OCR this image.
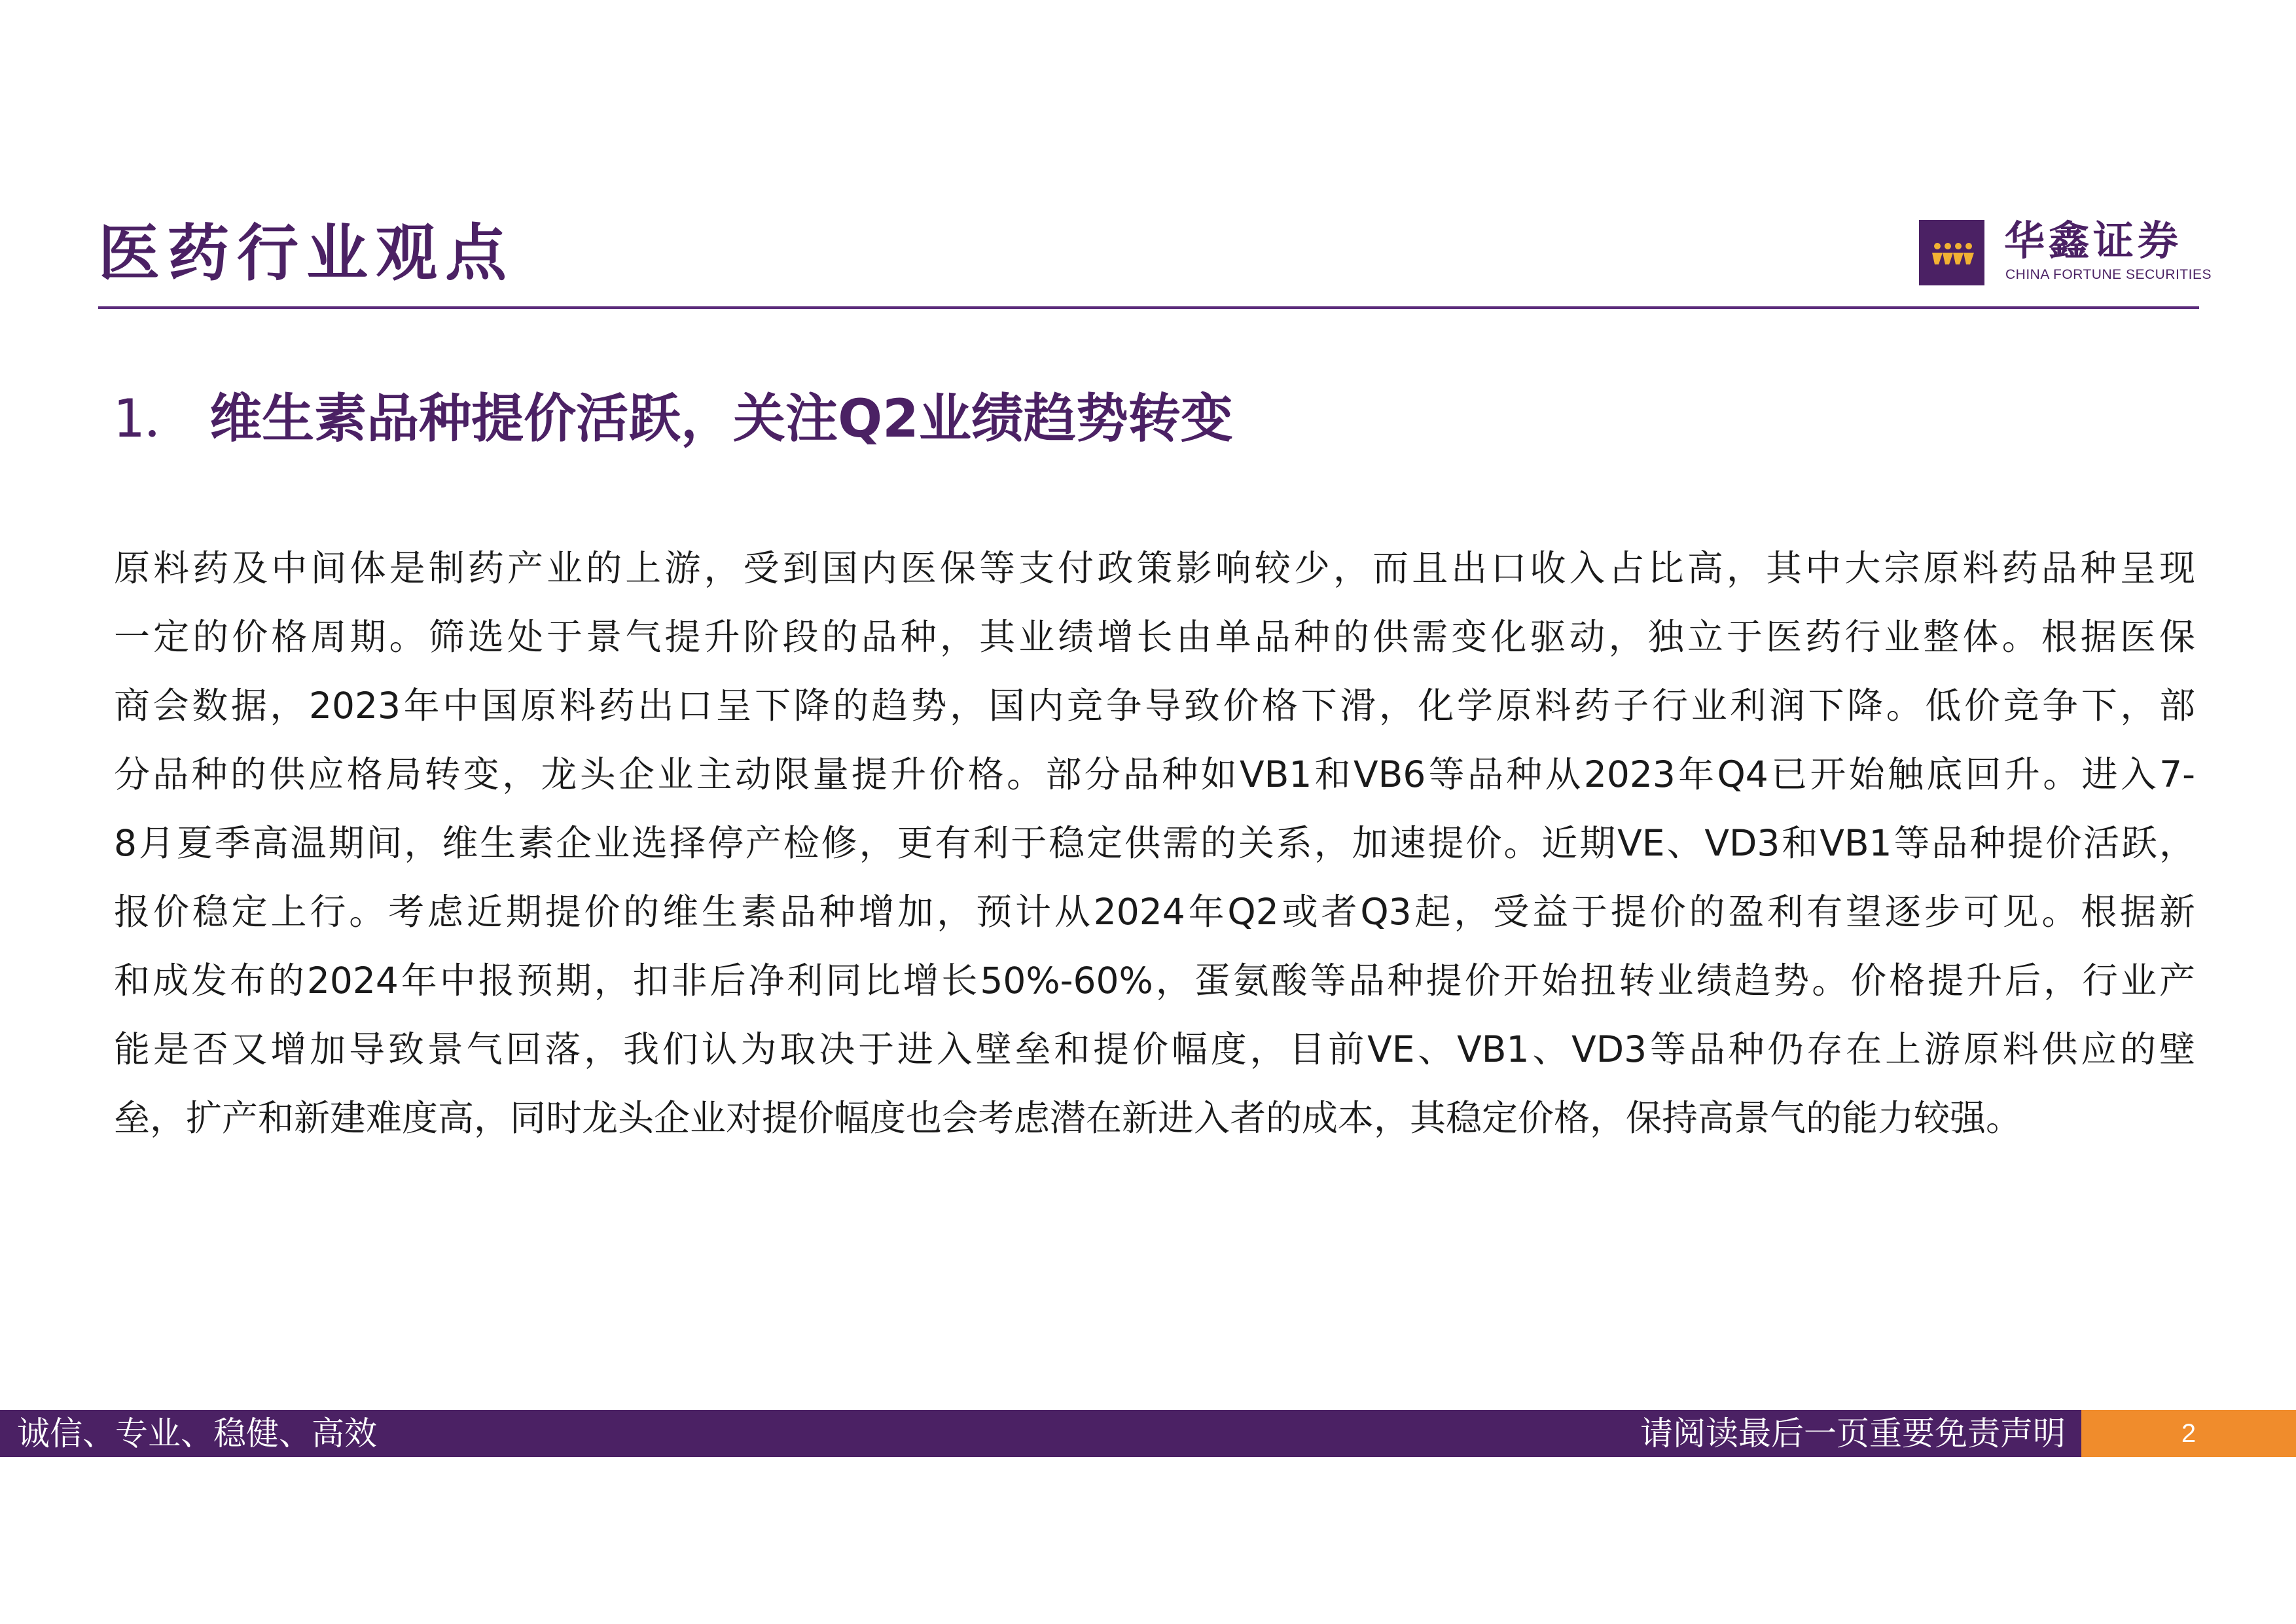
医药行业观点	华鑫证券
CHINA FORTUNE SECURITIES
1． 维生素品种提价活跃，关注Q2业绩趋势转变
原料药及中间体是制药产业的上游，受到国内医保等支付政策影响较少，而且出口收入占比高，其中大宗原料药品种呈现
一定的价格周期。筛选处于景气提升阶段的品种，其业绩增长由单品种的供需变化驱动，独立于医药行业整体。根据医保
商会数据，2023年中国原料药出口呈下降的趋势，国内竞争导致价格下滑，化学原料药子行业利润下降。低价竞争下，部
分品种的供应格局转变，龙头企业主动限量提升价格。部分品种如VB1和VB6等品种从2023年Q4已开始触底回升。进入7-
8月夏季高温期间，维生素企业选择停产检修，更有利于稳定供需的关系，加速提价。近期VE、VD3和VB1等品种提价活跃，
报价稳定上行。考虑近期提价的维生素品种增加，预计从2024年Q2或者Q3起，受益于提价的盈利有望逐步可见。根据新
和成发布的2024年中报预期，扣非后净利同比增长50%-60%，蛋氨酸等品种提价开始扭转业绩趋势。价格提升后，行业产
能是否又增加导致景气回落，我们认为取决于进入壁垒和提价幅度，目前VE、VB1、VD3等品种仍存在上游原料供应的壁
垒，扩产和新建难度高，同时龙头企业对提价幅度也会考虑潜在新进入者的成本，其稳定价格，保持高景气的能力较强。
诚信、专业、稳健、高效	请阅读最后一页重要免责声明	2
